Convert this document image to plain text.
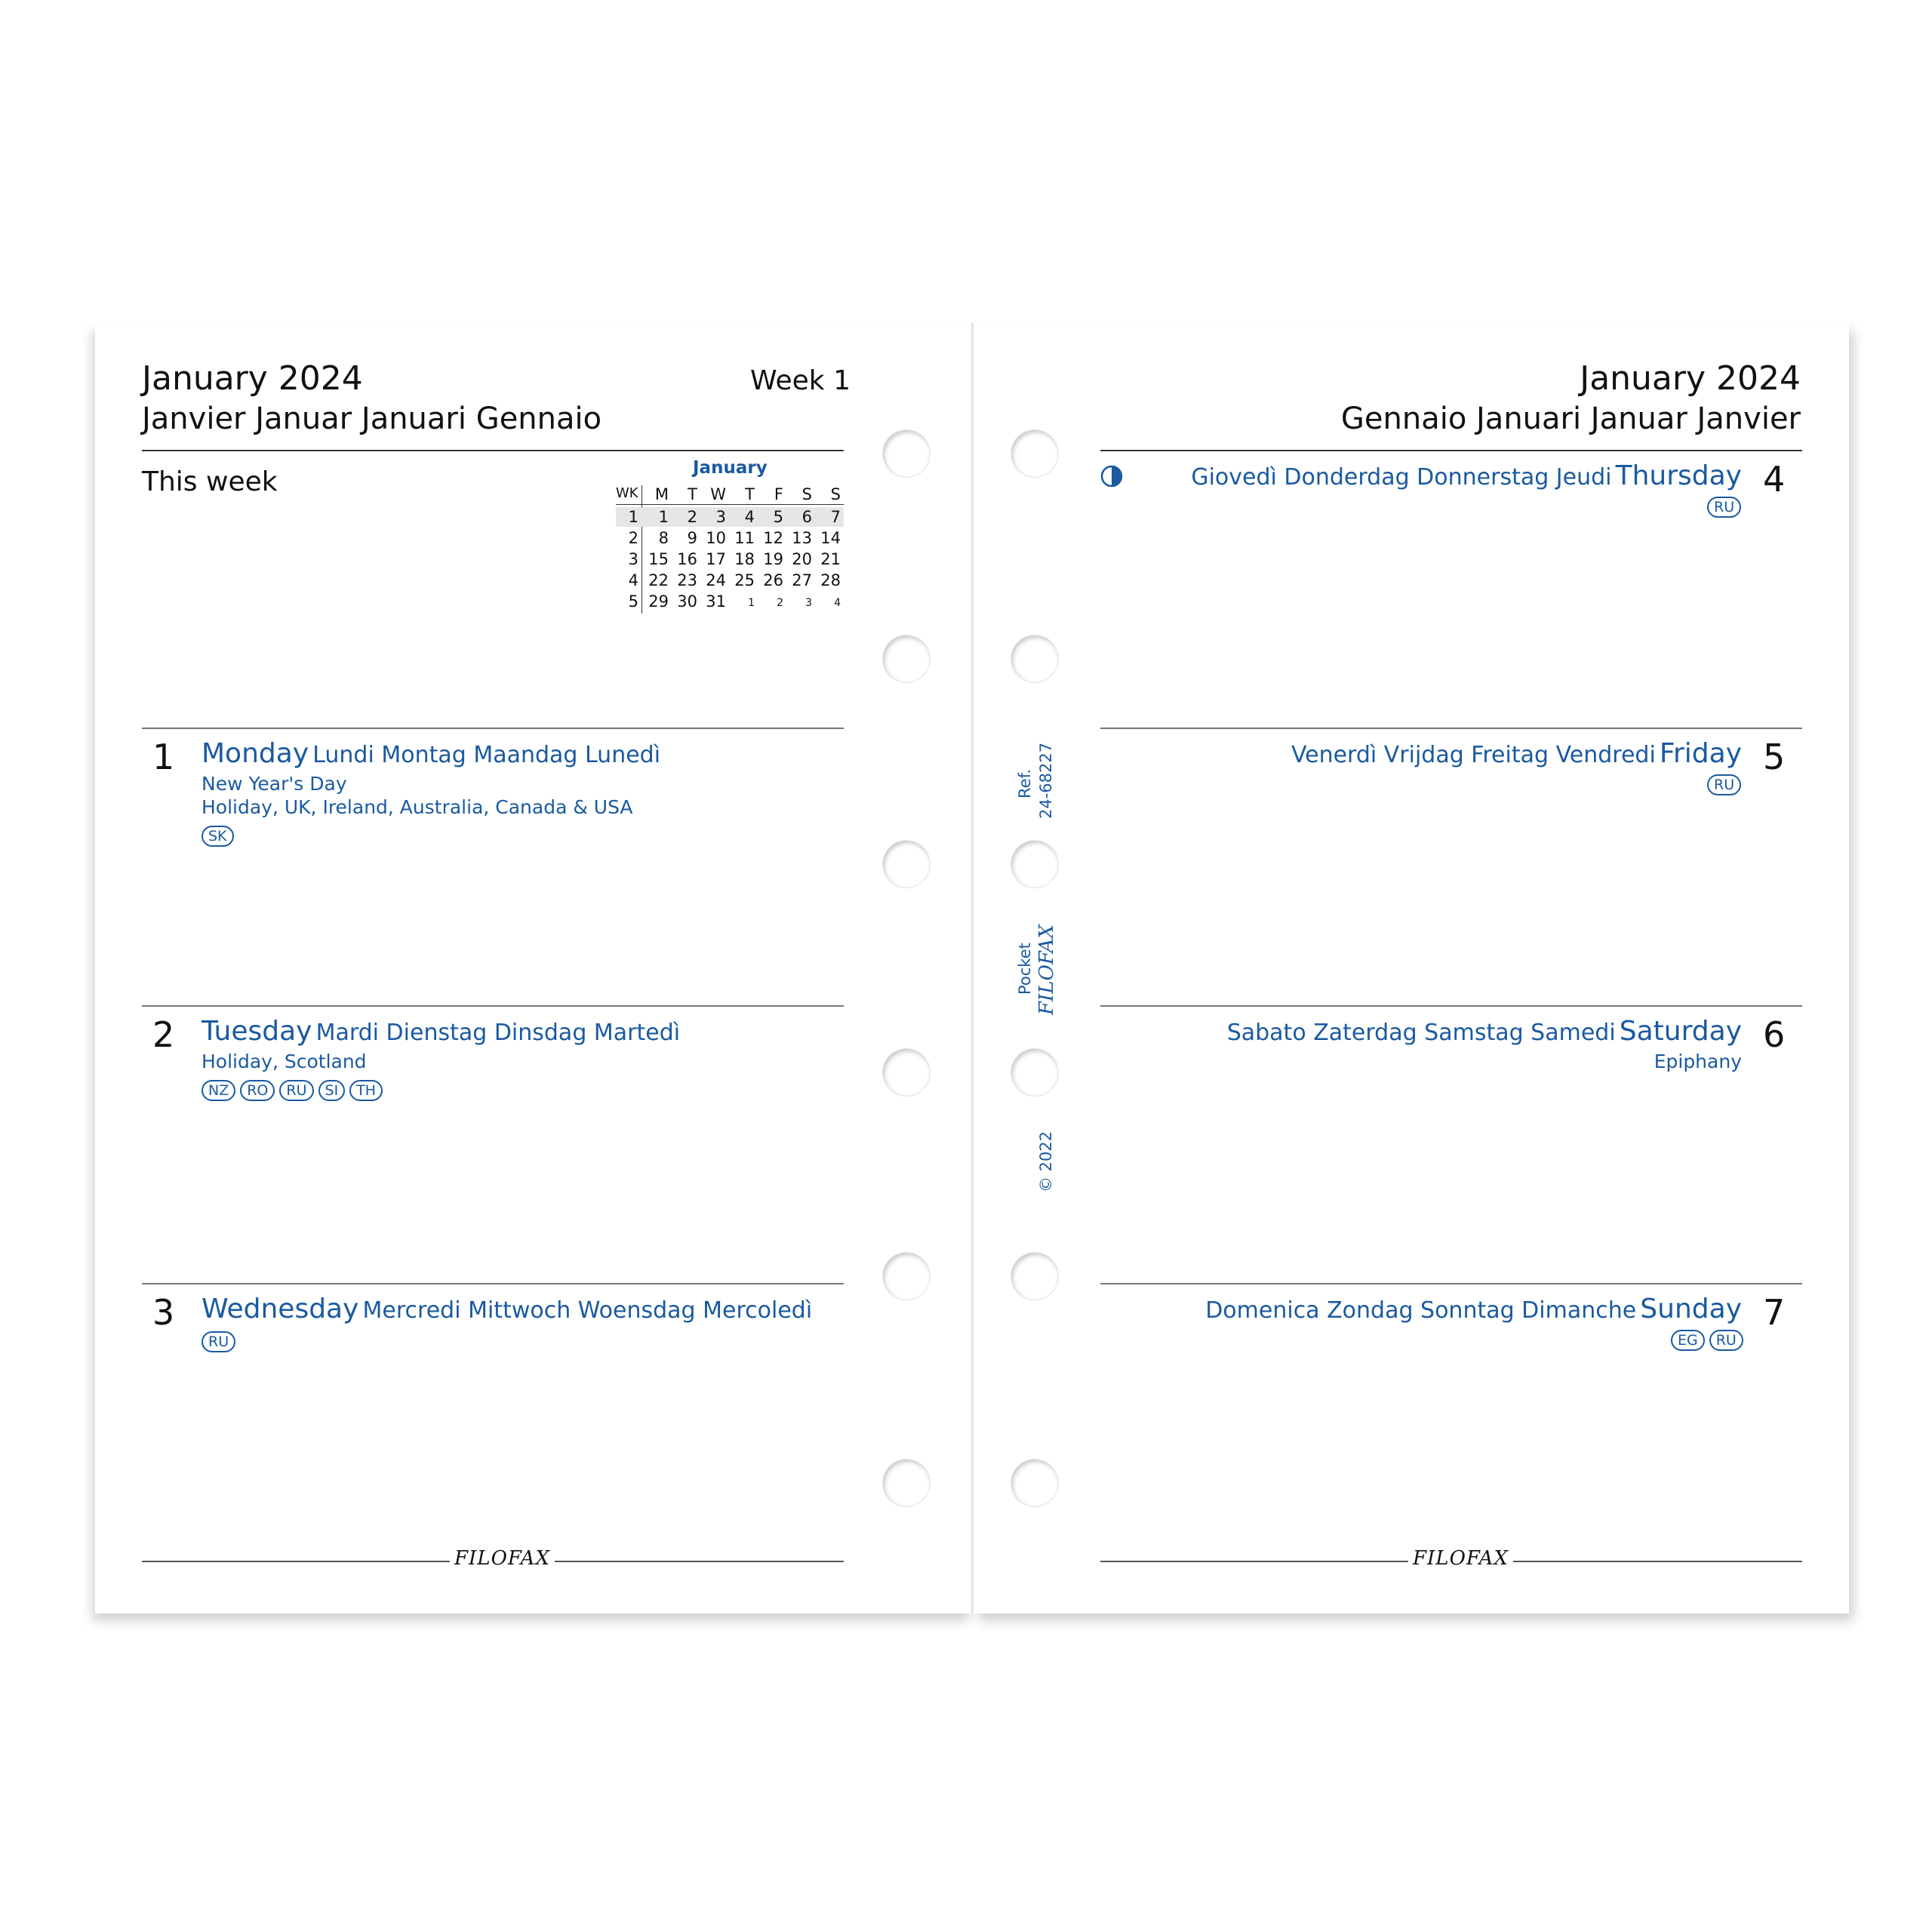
January 2024
Janvier Januar Januari Gennaio
Week 1
This week	January
WK	M	T W	T	F	S	S
1	1	2	3	4	5	6	7
2	8	9 10 11 12 13 14
3 15 16 17 18 19 20 21
4 22 23 24 25 26 27 28
5 29 30 31	1	2	3	4
1 Monday Lundi Montag Maandag Lunedì
New Year's Day
Holiday, UK, Ireland, Australia, Canada & USA
SK
2 Tuesday Mardi Dienstag Dinsdag Martedì
Holiday, Scotland
NZ	RO	RU	SI	TH
3 Wednesday Mercredi Mittwoch Woensdag Mercoledì
RU
FILOFAX
Ref. 24-68227
Pocket FILOFAX
© 2022
January 2024
Gennaio Januari Januar Janvier
Giovedì Donderdag Donnerstag Jeudi Thursday 4
RU
Venerdì Vrijdag Freitag Vendredi Friday 5
RU
Sabato Zaterdag Samstag Samedi Saturday 6
Epiphany
Domenica Zondag Sonntag Dimanche Sunday 7
EG	RU
FILOFAX
